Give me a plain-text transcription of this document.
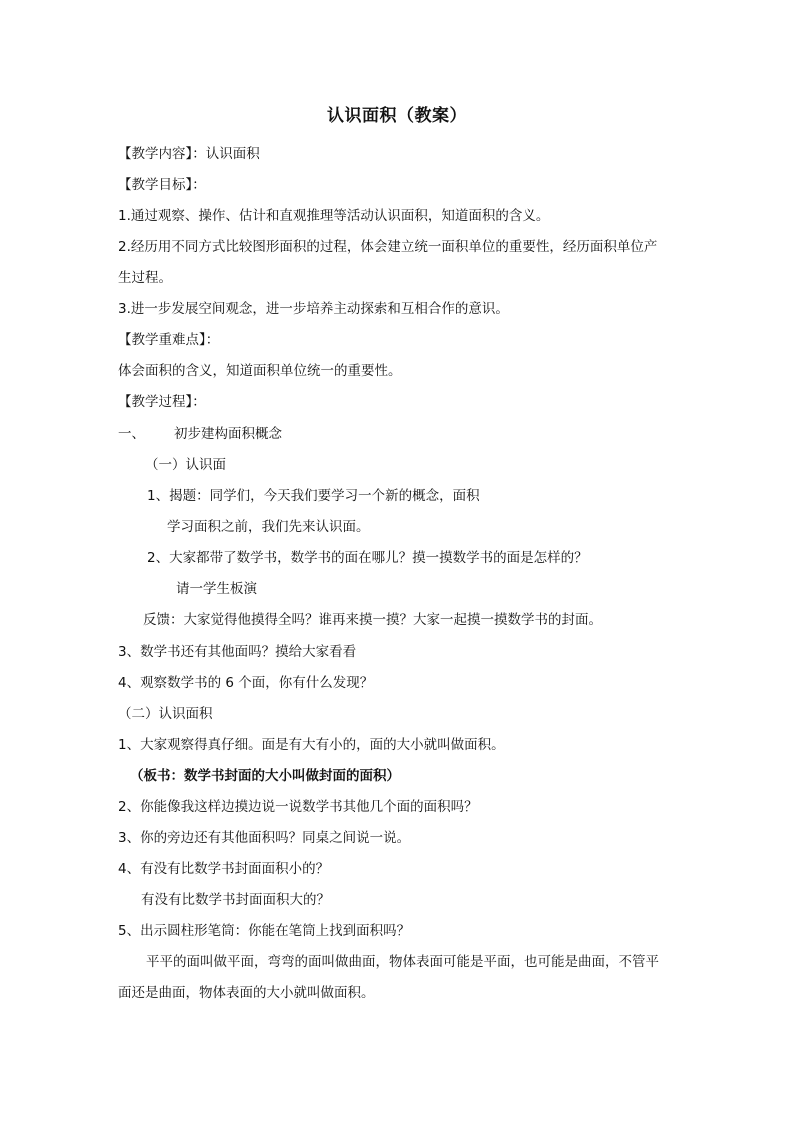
认识面积（教案）
【教学内容】：认识面积
【教学目标】：
1.通过观察、操作、估计和直观推理等活动认识面积，知道面积的含义。
2.经历用不同方式比较图形面积的过程，体会建立统一面积单位的重要性，经历面积单位产
生过程。
3.进一步发展空间观念，进一步培养主动探索和互相合作的意识。
【教学重难点】：
体会面积的含义，知道面积单位统一的重要性。
【教学过程】：
一、 初步建构面积概念
（一）认识面
1、揭题：同学们，今天我们要学习一个新的概念，面积
学习面积之前，我们先来认识面。
2、大家都带了数学书，数学书的面在哪儿？摸一摸数学书的面是怎样的？
请一学生板演
反馈：大家觉得他摸得全吗？谁再来摸一摸？大家一起摸一摸数学书的封面。
3、数学书还有其他面吗？摸给大家看看
4、观察数学书的 6 个面，你有什么发现？
（二）认识面积
1、大家观察得真仔细。面是有大有小的，面的大小就叫做面积。
（板书：数学书封面的大小叫做封面的面积）
2、你能像我这样边摸边说一说数学书其他几个面的面积吗？
3、你的旁边还有其他面积吗？同桌之间说一说。
4、有没有比数学书封面面积小的？
有没有比数学书封面面积大的？
5、出示圆柱形笔筒：你能在笔筒上找到面积吗？
平平的面叫做平面，弯弯的面叫做曲面，物体表面可能是平面，也可能是曲面，不管平
面还是曲面，物体表面的大小就叫做面积。
